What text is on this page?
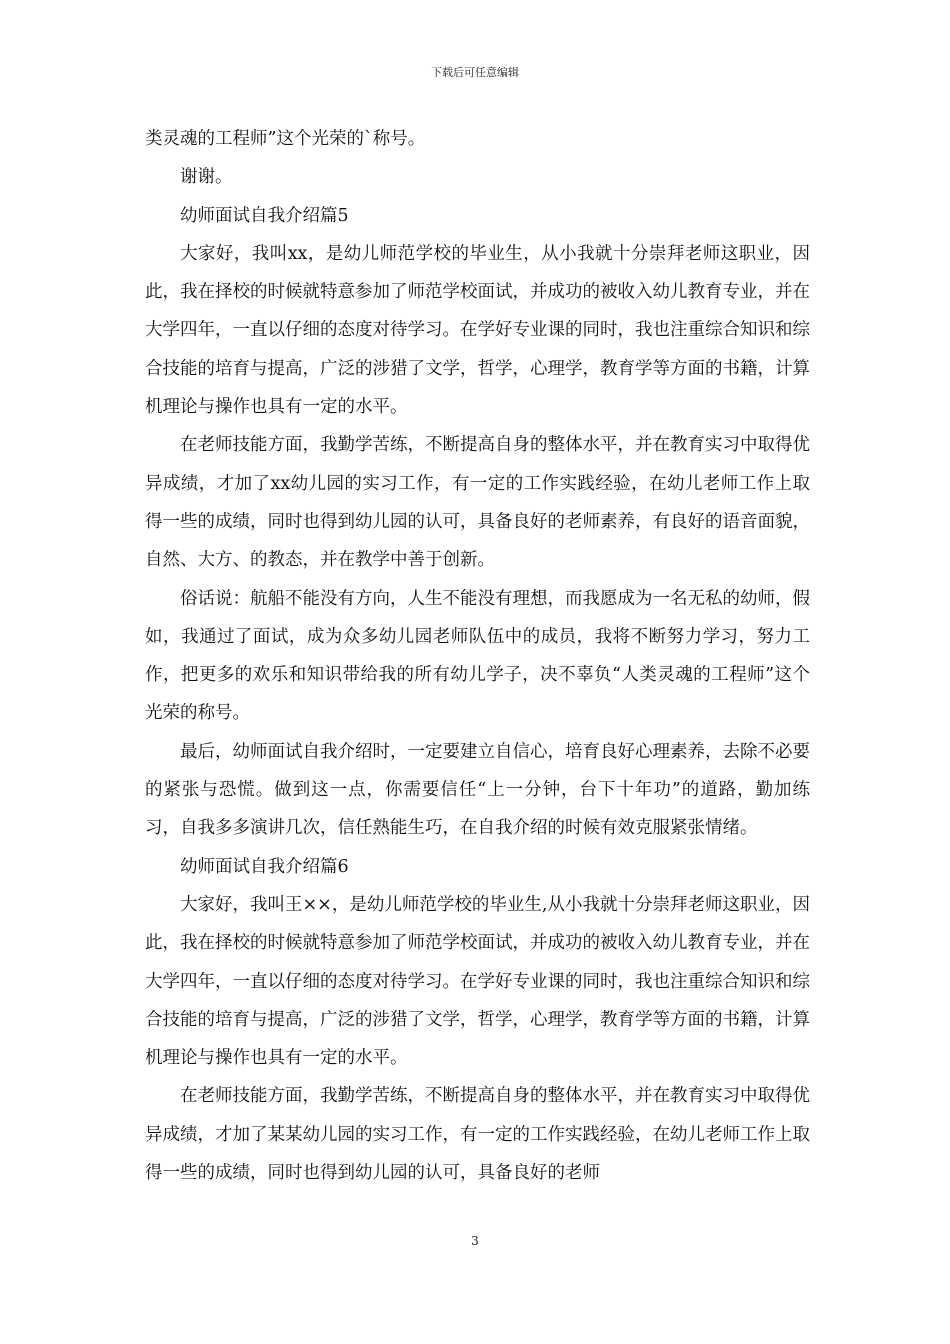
下载后可任意编辑

类灵魂的工程师”这个光荣的`称号。

谢谢。

幼师面试自我介绍篇5

大家好，我叫xx，是幼儿师范学校的毕业生，从小我就十分崇拜老师这职业，因此，我在择校的时候就特意参加了师范学校面试，并成功的被收入幼儿教育专业，并在大学四年，一直以仔细的态度对待学习。在学好专业课的同时，我也注重综合知识和综合技能的培育与提高，广泛的涉猎了文学，哲学，心理学，教育学等方面的书籍，计算机理论与操作也具有一定的水平。

在老师技能方面，我勤学苦练，不断提高自身的整体水平，并在教育实习中取得优异成绩，才加了xx幼儿园的实习工作，有一定的工作实践经验，在幼儿老师工作上取得一些的成绩，同时也得到幼儿园的认可，具备良好的老师素养，有良好的语音面貌，自然、大方、的教态，并在教学中善于创新。

俗话说：航船不能没有方向，人生不能没有理想，而我愿成为一名无私的幼师，假如，我通过了面试，成为众多幼儿园老师队伍中的成员，我将不断努力学习，努力工作，把更多的欢乐和知识带给我的所有幼儿学子，决不辜负“人类灵魂的工程师”这个光荣的称号。

最后，幼师面试自我介绍时，一定要建立自信心，培育良好心理素养，去除不必要的紧张与恐慌。做到这一点，你需要信任“上一分钟，台下十年功”的道路，勤加练习，自我多多演讲几次，信任熟能生巧，在自我介绍的时候有效克服紧张情绪。

幼师面试自我介绍篇6

大家好，我叫王××，是幼儿师范学校的毕业生,从小我就十分崇拜老师这职业，因此，我在择校的时候就特意参加了师范学校面试，并成功的被收入幼儿教育专业，并在大学四年，一直以仔细的态度对待学习。在学好专业课的同时，我也注重综合知识和综合技能的培育与提高，广泛的涉猎了文学，哲学，心理学，教育学等方面的书籍，计算机理论与操作也具有一定的水平。

在老师技能方面，我勤学苦练，不断提高自身的整体水平，并在教育实习中取得优异成绩，才加了某某幼儿园的实习工作，有一定的工作实践经验，在幼儿老师工作上取得一些的成绩，同时也得到幼儿园的认可，具备良好的老师

3
